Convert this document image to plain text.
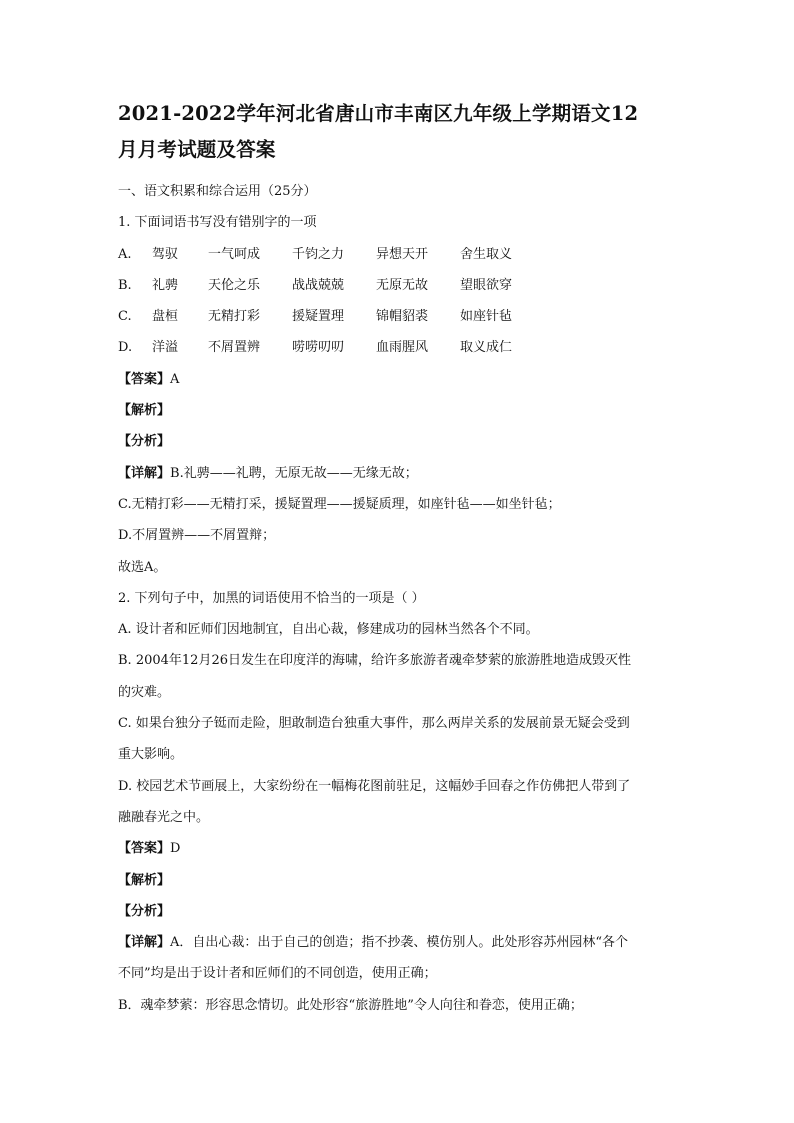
2021-2022学年河北省唐山市丰南区九年级上学期语文12
月月考试题及答案
一、语文积累和综合运用（25分）
1. 下面词语书写没有错别字的一项
A.	驾驭	一气呵成	千钧之力	异想天开	舍生取义
B.	礼骋	天伦之乐	战战兢兢	无原无故	望眼欲穿
C.	盘桓	无精打彩	援疑置理	锦帽貂裘	如座针毡
D.	洋溢	不屑置辨	唠唠叨叨	血雨腥风	取义成仁
【答案】A
【解析】
【分析】
【详解】B.礼骋——礼聘，无原无故——无缘无故；
C.无精打彩——无精打采，援疑置理——援疑质理，如座针毡——如坐针毡；
D.不屑置辨——不屑置辩；
故选A。
2. 下列句子中，加黑的词语使用不恰当的一项是（ ）
A. 设计者和匠师们因地制宜，自出心裁，修建成功的园林当然各个不同。
B. 2004年12月26日发生在印度洋的海啸，给许多旅游者魂牵梦萦的旅游胜地造成毁灭性
的灾难。
C. 如果台独分子铤而走险，胆敢制造台独重大事件，那么两岸关系的发展前景无疑会受到
重大影响。
D. 校园艺术节画展上，大家纷纷在一幅梅花图前驻足，这幅妙手回春之作仿佛把人带到了
融融春光之中。
【答案】D
【解析】
【分析】
【详解】A．自出心裁：出于自己的创造；指不抄袭、模仿别人。此处形容苏州园林“各个
不同”均是出于设计者和匠师们的不同创造，使用正确；
B．魂牵梦萦：形容思念情切。此处形容“旅游胜地”令人向往和眷恋，使用正确；
